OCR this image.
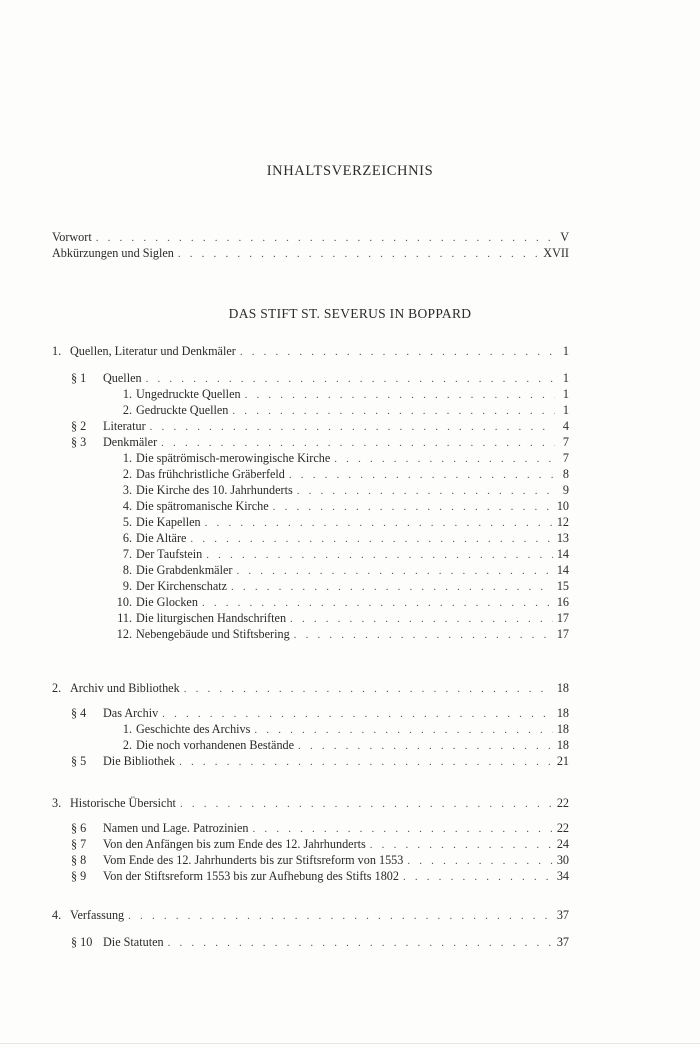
INHALTSVERZEICHNIS
Vorwort . . .	V
Abkürzungen und Siglen . . .	XVII
DAS STIFT ST. SEVERUS IN BOPPARD
1. Quellen, Literatur und Denkmäler . . .	1
§ 1	Quellen . . .	1
1. Ungedruckte Quellen . . .	1
2. Gedruckte Quellen . . .	1
§ 2	Literatur . . .	4
§ 3	Denkmäler . . .	7
1. Die spätrömisch-merowingische Kirche . . .	7
2. Das frühchristliche Gräberfeld . . .	8
3. Die Kirche des 10. Jahrhunderts . . .	9
4. Die spätromanische Kirche . . .	10
5. Die Kapellen . . .	12
6. Die Altäre . . .	13
7. Der Taufstein . . .	14
8. Die Grabdenkmäler . . .	14
9. Der Kirchenschatz . . .	15
10. Die Glocken . . .	16
11. Die liturgischen Handschriften . . .	17
12. Nebengebäude und Stiftsbering . . .	17
2. Archiv und Bibliothek . . .	18
§ 4	Das Archiv . . .	18
1. Geschichte des Archivs . . .	18
2. Die noch vorhandenen Bestände . . .	18
§ 5	Die Bibliothek . . .	21
3. Historische Übersicht . . .	22
§ 6	Namen und Lage. Patrozinien . . .	22
§ 7	Von den Anfängen bis zum Ende des 12. Jahrhunderts . . .	24
§ 8	Vom Ende des 12. Jahrhunderts bis zur Stiftsreform von 1553 . . .	30
§ 9	Von der Stiftsreform 1553 bis zur Aufhebung des Stifts 1802 . . .	34
4. Verfassung . . .	37
§ 10 Die Statuten . . .	37
